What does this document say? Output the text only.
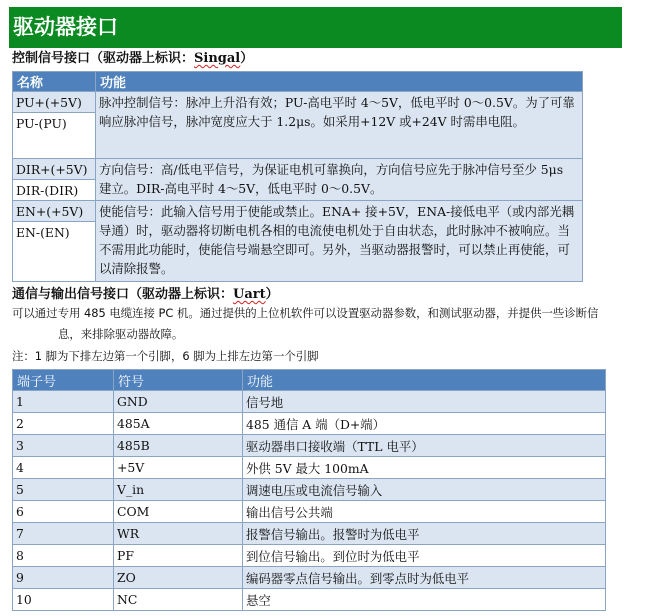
驱动器接口
控制信号接口（驱动器上标识：Singal）
名称	功能
PU+(+5V)	脉冲控制信号：脉冲上升沿有效；PU-高电平时 4～5V，低电平时 0～0.5V。为了可靠响应脉冲信号，脉冲宽度应大于 1.2μs。如采用+12V 或+24V 时需串电阻。
PU-(PU)	
DIR+(+5V)	方向信号：高/低电平信号，为保证电机可靠换向，方向信号应先于脉冲信号至少 5μs 建立。DIR-高电平时 4～5V，低电平时 0～0.5V。
DIR-(DIR)	
EN+(+5V)	使能信号：此输入信号用于使能或禁止。ENA+ 接+5V，ENA-接低电平（或内部光耦导通）时，驱动器将切断电机各相的电流使电机处于自由状态，此时脉冲不被响应。当不需用此功能时，使能信号端悬空即可。另外，当驱动器报警时，可以禁止再使能，可以清除报警。
EN-(EN)	
通信与输出信号接口（驱动器上标识：Uart）
可以通过专用 485 电缆连接 PC 机。通过提供的上位机软件可以设置驱动器参数，和测试驱动器，并提供一些诊断信
息，来排除驱动器故障。
注：1 脚为下排左边第一个引脚，6 脚为上排左边第一个引脚
端子号	符号	功能
1	GND	信号地
2	485A	485 通信 A 端（D+端）
3	485B	驱动器串口接收端（TTL 电平）
4	+5V	外供 5V 最大 100mA
5	V_in	调速电压或电流信号输入
6	COM	输出信号公共端
7	WR	报警信号输出。报警时为低电平
8	PF	到位信号输出。到位时为低电平
9	ZO	编码器零点信号输出。到零点时为低电平
10	NC	悬空
